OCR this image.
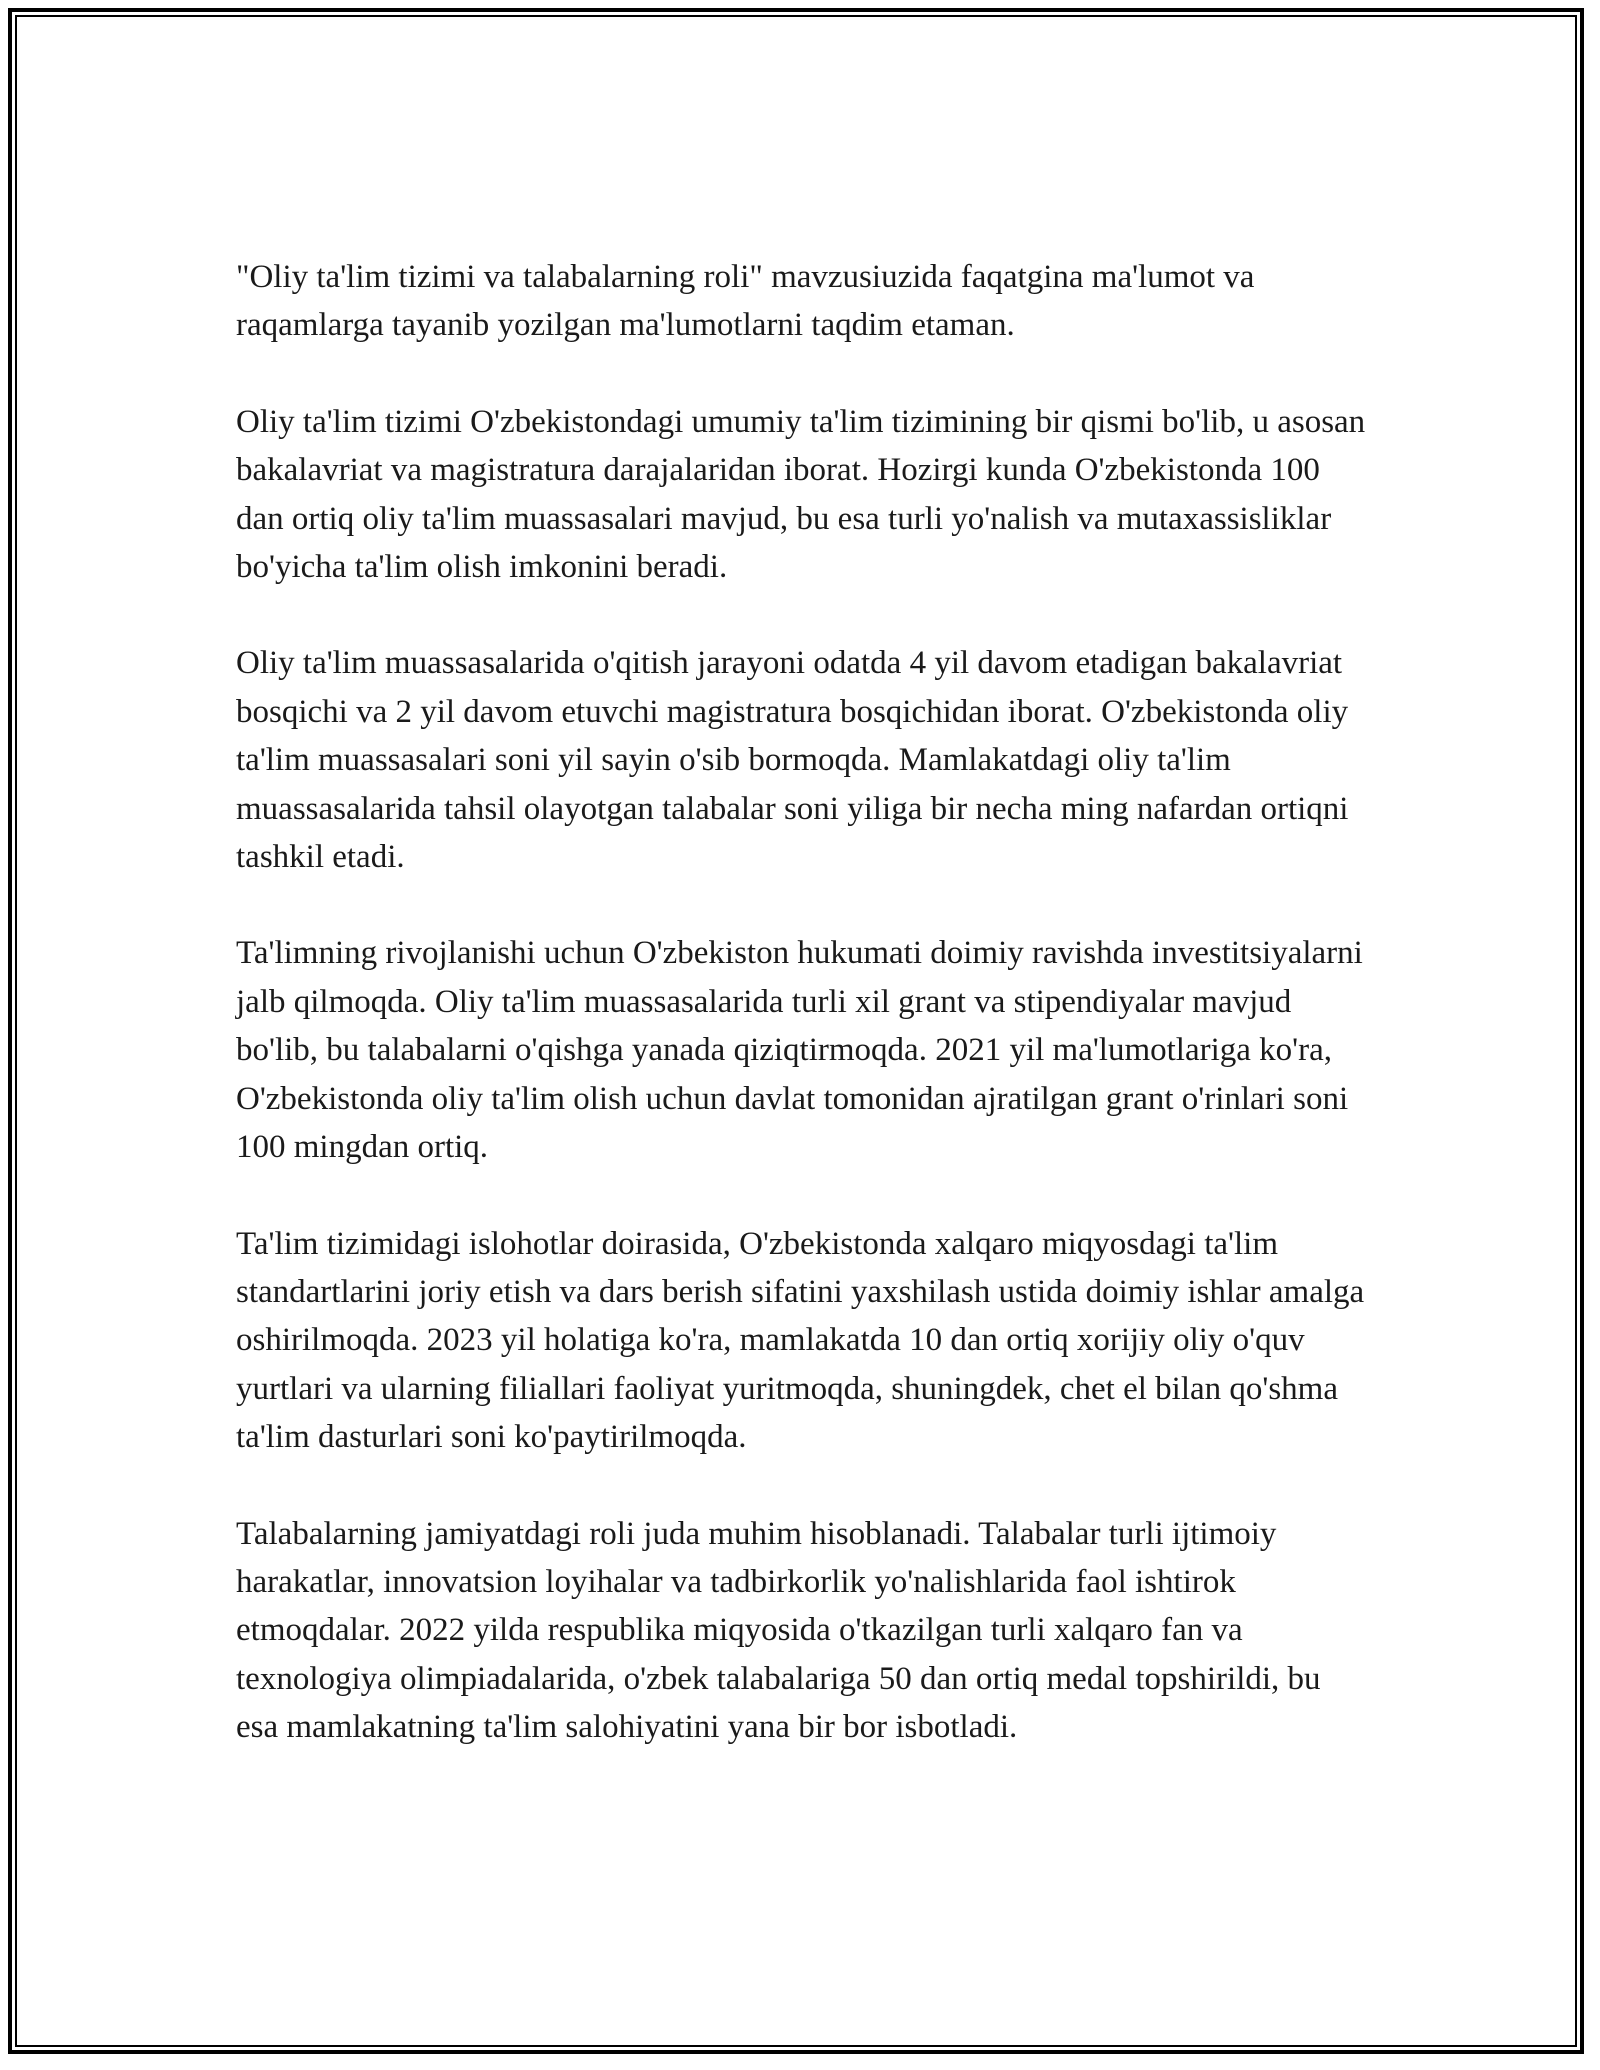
"Oliy ta'lim tizimi va talabalarning roli" mavzusiuzida faqatgina ma'lumot va raqamlarga tayanib yozilgan ma'lumotlarni taqdim etaman.

Oliy ta'lim tizimi O'zbekistondagi umumiy ta'lim tizimining bir qismi bo'lib, u asosan bakalavriat va magistratura darajalaridan iborat. Hozirgi kunda O'zbekistonda 100 dan ortiq oliy ta'lim muassasalari mavjud, bu esa turli yo'nalish va mutaxassisliklar bo'yicha ta'lim olish imkonini beradi.

Oliy ta'lim muassasalarida o'qitish jarayoni odatda 4 yil davom etadigan bakalavriat bosqichi va 2 yil davom etuvchi magistratura bosqichidan iborat. O'zbekistonda oliy ta'lim muassasalari soni yil sayin o'sib bormoqda. Mamlakatdagi oliy ta'lim muassasalarida tahsil olayotgan talabalar soni yiliga bir necha ming nafardan ortiqni tashkil etadi.

Ta'limning rivojlanishi uchun O'zbekiston hukumati doimiy ravishda investitsiyalarni jalb qilmoqda. Oliy ta'lim muassasalarida turli xil grant va stipendiyalar mavjud bo'lib, bu talabalarni o'qishga yanada qiziqtirmoqda. 2021 yil ma'lumotlariga ko'ra, O'zbekistonda oliy ta'lim olish uchun davlat tomonidan ajratilgan grant o'rinlari soni 100 mingdan ortiq.

Ta'lim tizimidagi islohotlar doirasida, O'zbekistonda xalqaro miqyosdagi ta'lim standartlarini joriy etish va dars berish sifatini yaxshilash ustida doimiy ishlar amalga oshirilmoqda. 2023 yil holatiga ko'ra, mamlakatda 10 dan ortiq xorijiy oliy o'quv yurtlari va ularning filiallari faoliyat yuritmoqda, shuningdek, chet el bilan qo'shma ta'lim dasturlari soni ko'paytirilmoqda.

Talabalarning jamiyatdagi roli juda muhim hisoblanadi. Talabalar turli ijtimoiy harakatlar, innovatsion loyihalar va tadbirkorlik yo'nalishlarida faol ishtirok etmoqdalar. 2022 yilda respublika miqyosida o'tkazilgan turli xalqaro fan va texnologiya olimpiadalarida, o'zbek talabalariga 50 dan ortiq medal topshirildi, bu esa mamlakatning ta'lim salohiyatini yana bir bor isbotladi.
